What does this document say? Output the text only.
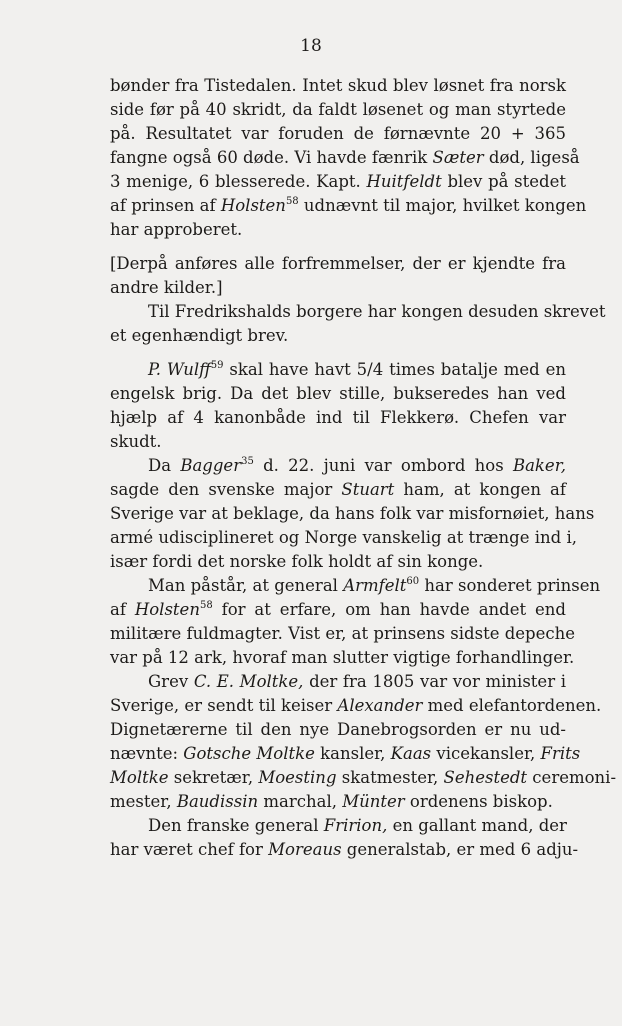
18
bønder fra Tistedalen. Intet skud blev løsnet fra norsk
side før på 40 skridt, da faldt løsenet og man styrtede
på. Resultatet var foruden de førnævnte 20 + 365
fangne også 60 døde. Vi havde fænrik Sæter død, ligeså
3 menige, 6 blesserede. Kapt. Huitfeldt blev på stedet
af prinsen af Holsten$^{58}$ udnævnt til major, hvilket kongen
har approberet.
[Derpå anføres alle forfremmelser, der er kjendte fra
andre kilder.]
Til Fredrikshalds borgere har kongen desuden skrevet
et egenhændigt brev.
P. Wulff$^{59}$ skal have havt 5/4 times batalje med en
engelsk brig. Da det blev stille, bukseredes han ved
hjælp af 4 kanonbåde ind til Flekkerø. Chefen var
skudt.
Da Bagger$^{35}$ d. 22. juni var ombord hos Baker,
sagde den svenske major Stuart ham, at kongen af
Sverige var at beklage, da hans folk var misfornøiet, hans
armé udisciplineret og Norge vanskelig at trænge ind i,
især fordi det norske folk holdt af sin konge.
Man påstår, at general Armfelt$^{60}$ har sonderet prinsen
af Holsten$^{58}$ for at erfare, om han havde andet end
militære fuldmagter. Vist er, at prinsens sidste depeche
var på 12 ark, hvoraf man slutter vigtige forhandlinger.
Grev C. E. Moltke, der fra 1805 var vor minister i
Sverige, er sendt til keiser Alexander med elefantordenen.
Dignetærerne til den nye Danebrogsorden er nu ud-
nævnte: Gotsche Moltke kansler, Kaas vicekansler, Frits
Moltke sekretær, Moesting skatmester, Sehestedt ceremoni-
mester, Baudissin marchal, Münter ordenens biskop.
Den franske general Fririon, en gallant mand, der
har været chef for Moreaus generalstab, er med 6 adju-
